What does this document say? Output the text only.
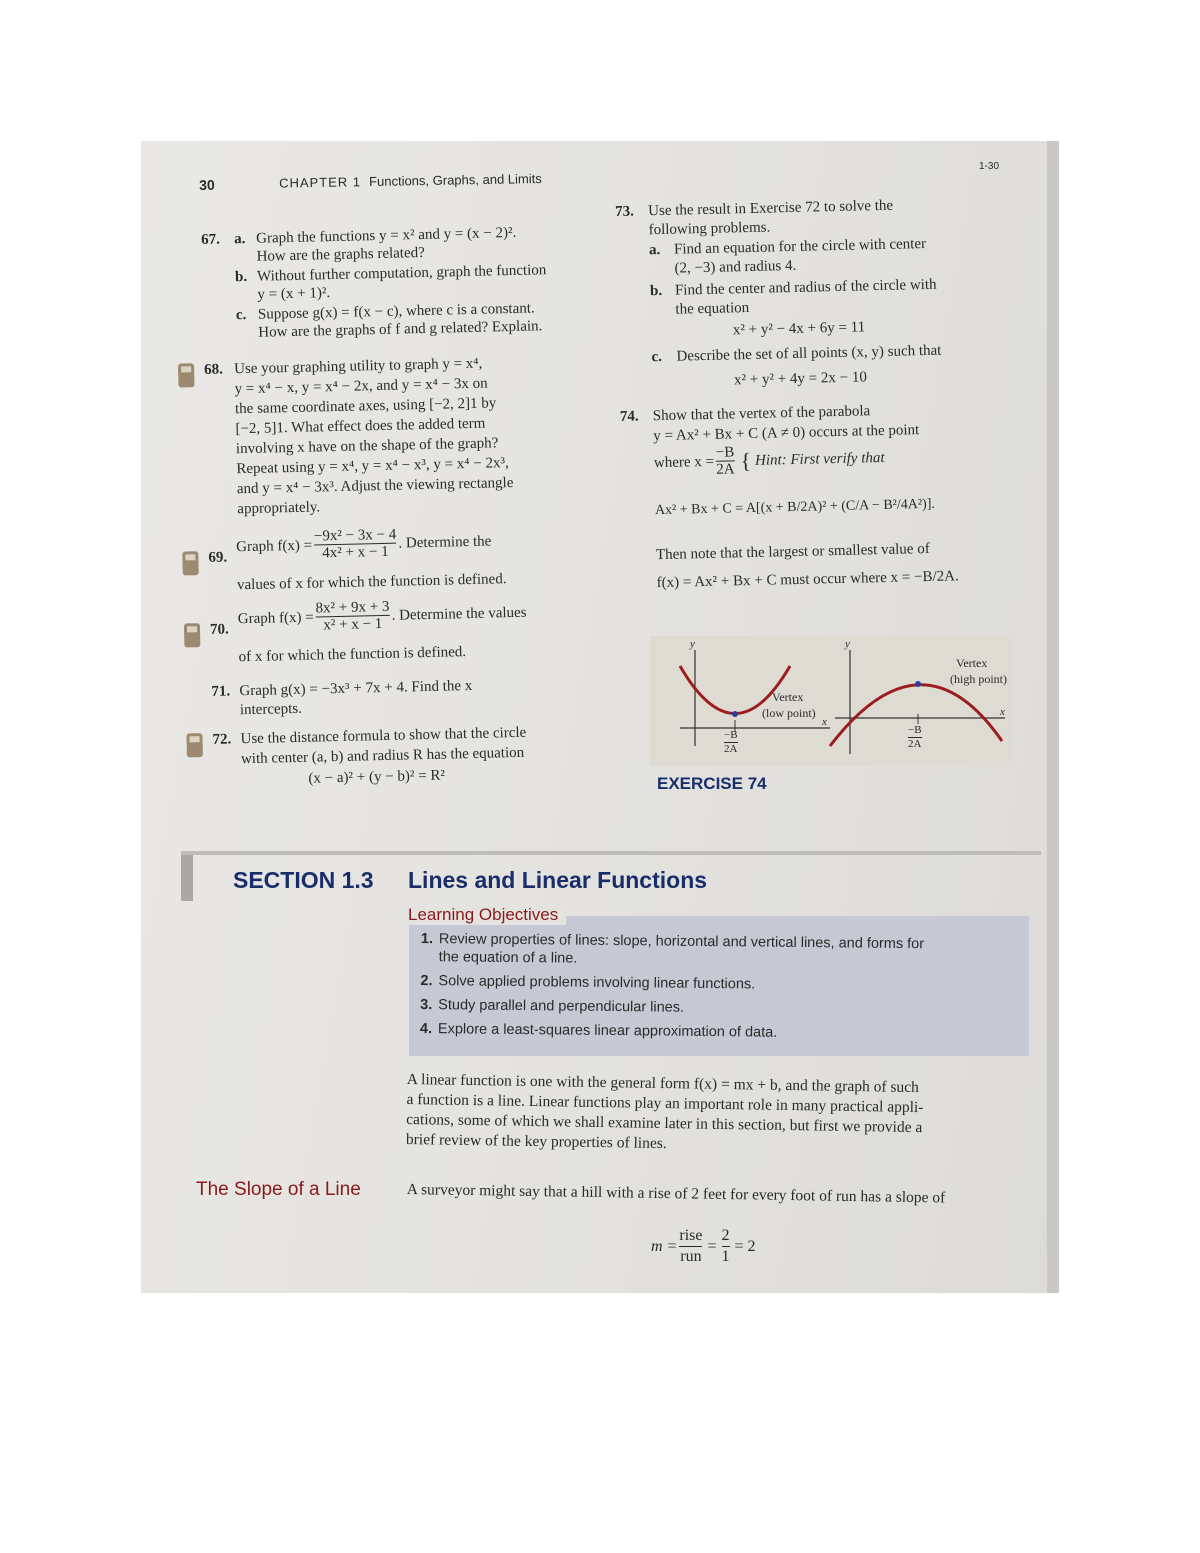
30	CHAPTER 1 Functions, Graphs, and Limits
1-30
67. a. Graph the functions y = x² and y = (x − 2)².
How are the graphs related?
b. Without further computation, graph the function
y = (x + 1)².
c. Suppose g(x) = f(x − c), where c is a constant.
How are the graphs of f and g related? Explain.
68. Use your graphing utility to graph y = x⁴,
y = x⁴ − x, y = x⁴ − 2x, and y = x⁴ − 3x on
the same coordinate axes, using [−2, 2]1 by
[−2, 5]1. What effect does the added term
involving x have on the shape of the graph?
Repeat using y = x⁴, y = x⁴ − x³, y = x⁴ − 2x³,
and y = x⁴ − 3x³. Adjust the viewing rectangle
appropriately.
69.
Graph $f(x) = \frac{\text{−9x² − 3x − 4}}{\text{4x² + x − 1}}$ . Determine the
values of x for which the function is defined.
70.
Graph $f(x) = \frac{\text{8x² + 9x + 3}}{\text{x² + x − 1}}$ . Determine the values
of x for which the function is defined.
71. Graph g(x) = −3x³ + 7x + 4. Find the x
intercepts.
72. Use the distance formula to show that the circle
with center (a, b) and radius R has the equation
(x − a)² + (y − b)² = R²
73. Use the result in Exercise 72 to solve the
following problems.
a. Find an equation for the circle with center
(2, −3) and radius 4.
b. Find the center and radius of the circle with
the equation
x² + y² − 4x + 6y = 11
c. Describe the set of all points (x, y) such that
x² + y² + 4y = 2x − 10
74. Show that the vertex of the parabola
y = Ax² + Bx + C (A ≠ 0) occurs at the point
where $x = \frac{-B}{2A}$ { Hint: First verify that
Ax² + Bx + C = A[(x + B/2A)² + (C/A − B²/4A²)].
Then note that the largest or smallest value of
f(x) = Ax² + Bx + C must occur where x = −B/2A.
y	y
x
x
Vertex
(low point)
Vertex
(high point)
$\frac{-B}{2A}$	$\frac{-B}{2A}$
EXERCISE 74
SECTION 1.3 Lines and Linear Functions
Learning Objectives
1. Review properties of lines: slope, horizontal and vertical lines, and forms for
the equation of a line.
2. Solve applied problems involving linear functions.
3. Study parallel and perpendicular lines.
4. Explore a least-squares linear approximation of data.
A linear function is one with the general form f(x) = mx + b, and the graph of such
a function is a line. Linear functions play an important role in many practical appli-
cations, some of which we shall examine later in this section, but first we provide a
brief review of the key properties of lines.
The Slope of a Line	A surveyor might say that a hill with a rise of 2 feet for every foot of run has a slope of
$m = \frac{\text{rise}}{\text{run}} = \frac{2}{1} = 2$
